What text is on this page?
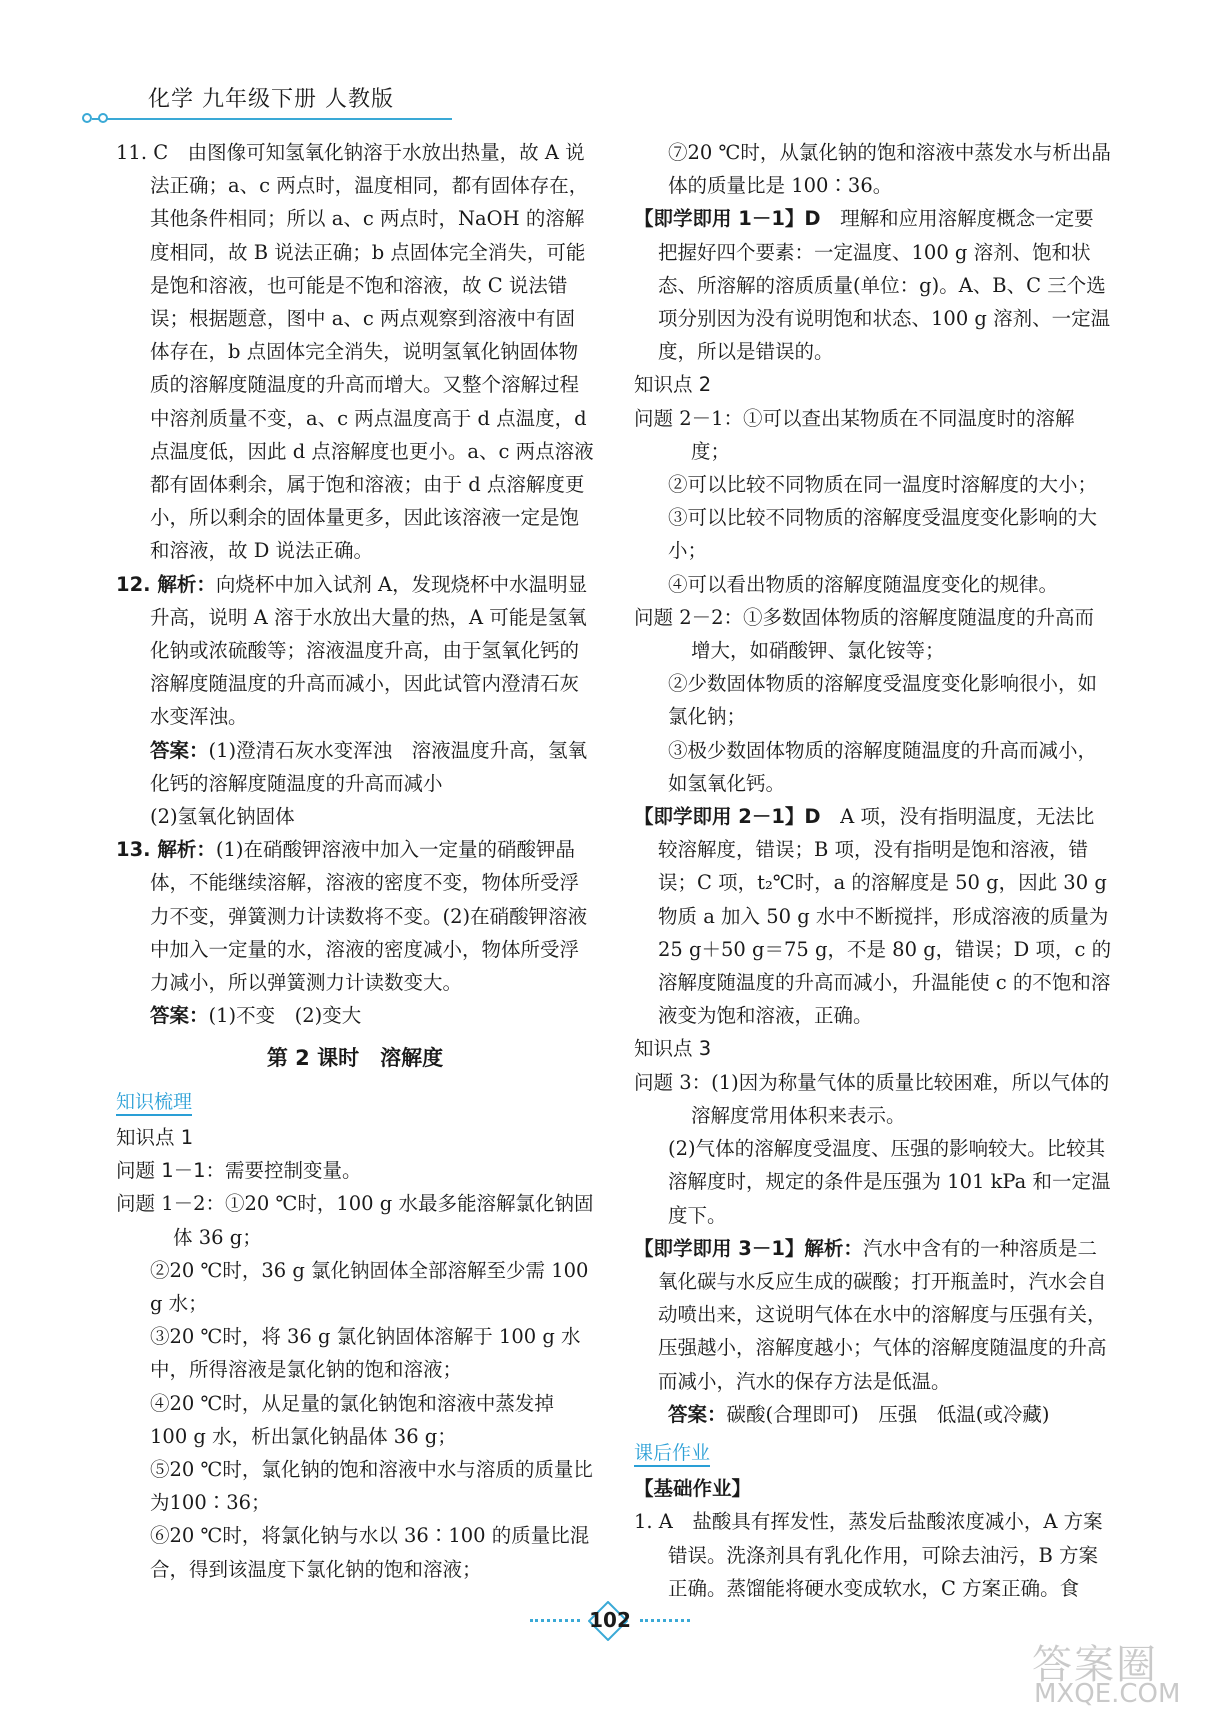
化学 九年级下册 人教版

11. C　由图像可知氢氧化钠溶于水放出热量，故 A 说法正确；a、c 两点时，温度相同，都有固体存在，其他条件相同；所以 a、c 两点时，NaOH 的溶解度相同，故 B 说法正确；b 点固体完全消失，可能是饱和溶液，也可能是不饱和溶液，故 C 说法错误；根据题意，图中 a、c 两点观察到溶液中有固体存在，b 点固体完全消失，说明氢氧化钠固体物质的溶解度随温度的升高而增大。又整个溶解过程中溶剂质量不变，a、c 两点温度高于 d 点温度，d 点温度低，因此 d 点溶解度也更小。a、c 两点溶液都有固体剩余，属于饱和溶液；由于 d 点溶解度更小，所以剩余的固体量更多，因此该溶液一定是饱和溶液，故 D 说法正确。

12. 解析：向烧杯中加入试剂 A，发现烧杯中水温明显升高，说明 A 溶于水放出大量的热，A 可能是氢氧化钠或浓硫酸等；溶液温度升高，由于氢氧化钙的溶解度随温度的升高而减小，因此试管内澄清石灰水变浑浊。

答案：(1)澄清石灰水变浑浊　溶液温度升高，氢氧化钙的溶解度随温度的升高而减小

(2)氢氧化钠固体

13. 解析：(1)在硝酸钾溶液中加入一定量的硝酸钾晶体，不能继续溶解，溶液的密度不变，物体所受浮力不变，弹簧测力计读数将不变。(2)在硝酸钾溶液中加入一定量的水，溶液的密度减小，物体所受浮力减小，所以弹簧测力计读数变大。

答案：(1)不变　(2)变大

第 2 课时　溶解度
知识梳理

知识点 1

问题 1－1：需要控制变量。

问题 1－2：①20 ℃时，100 g 水最多能溶解氯化钠固体 36 g；

②20 ℃时，36 g 氯化钠固体全部溶解至少需 100 g 水；

③20 ℃时，将 36 g 氯化钠固体溶解于 100 g 水中，所得溶液是氯化钠的饱和溶液；

④20 ℃时，从足量的氯化钠饱和溶液中蒸发掉 100 g 水，析出氯化钠晶体 36 g；

⑤20 ℃时，氯化钠的饱和溶液中水与溶质的质量比为100∶36；

⑥20 ℃时，将氯化钠与水以 36∶100 的质量比混合，得到该温度下氯化钠的饱和溶液；

⑦20 ℃时，从氯化钠的饱和溶液中蒸发水与析出晶体的质量比是 100∶36。

【即学即用 1－1】D　理解和应用溶解度概念一定要把握好四个要素：一定温度、100 g 溶剂、饱和状态、所溶解的溶质质量(单位：g)。A、B、C 三个选项分别因为没有说明饱和状态、100 g 溶剂、一定温度，所以是错误的。

知识点 2

问题 2－1：①可以查出某物质在不同温度时的溶解度；

②可以比较不同物质在同一温度时溶解度的大小；

③可以比较不同物质的溶解度受温度变化影响的大小；

④可以看出物质的溶解度随温度变化的规律。

问题 2－2：①多数固体物质的溶解度随温度的升高而增大，如硝酸钾、氯化铵等；

②少数固体物质的溶解度受温度变化影响很小，如氯化钠；

③极少数固体物质的溶解度随温度的升高而减小，如氢氧化钙。

【即学即用 2－1】D　A 项，没有指明温度，无法比较溶解度，错误；B 项，没有指明是饱和溶液，错误；C 项，t₂℃时，a 的溶解度是 50 g，因此 30 g 物质 a 加入 50 g 水中不断搅拌，形成溶液的质量为 25 g＋50 g＝75 g，不是 80 g，错误；D 项，c 的溶解度随温度的升高而减小，升温能使 c 的不饱和溶液变为饱和溶液，正确。

知识点 3

问题 3：(1)因为称量气体的质量比较困难，所以气体的溶解度常用体积来表示。

(2)气体的溶解度受温度、压强的影响较大。比较其溶解度时，规定的条件是压强为 101 kPa 和一定温度下。

【即学即用 3－1】解析：汽水中含有的一种溶质是二氧化碳与水反应生成的碳酸；打开瓶盖时，汽水会自动喷出来，这说明气体在水中的溶解度与压强有关，压强越小，溶解度越小；气体的溶解度随温度的升高而减小，汽水的保存方法是低温。

答案：碳酸(合理即可)　压强　低温(或冷藏)

课后作业

【基础作业】

1. A　盐酸具有挥发性，蒸发后盐酸浓度减小，A 方案错误。洗涤剂具有乳化作用，可除去油污，B 方案正确。蒸馏能将硬水变成软水，C 方案正确。食

102
答案圈
MXQE.COM
